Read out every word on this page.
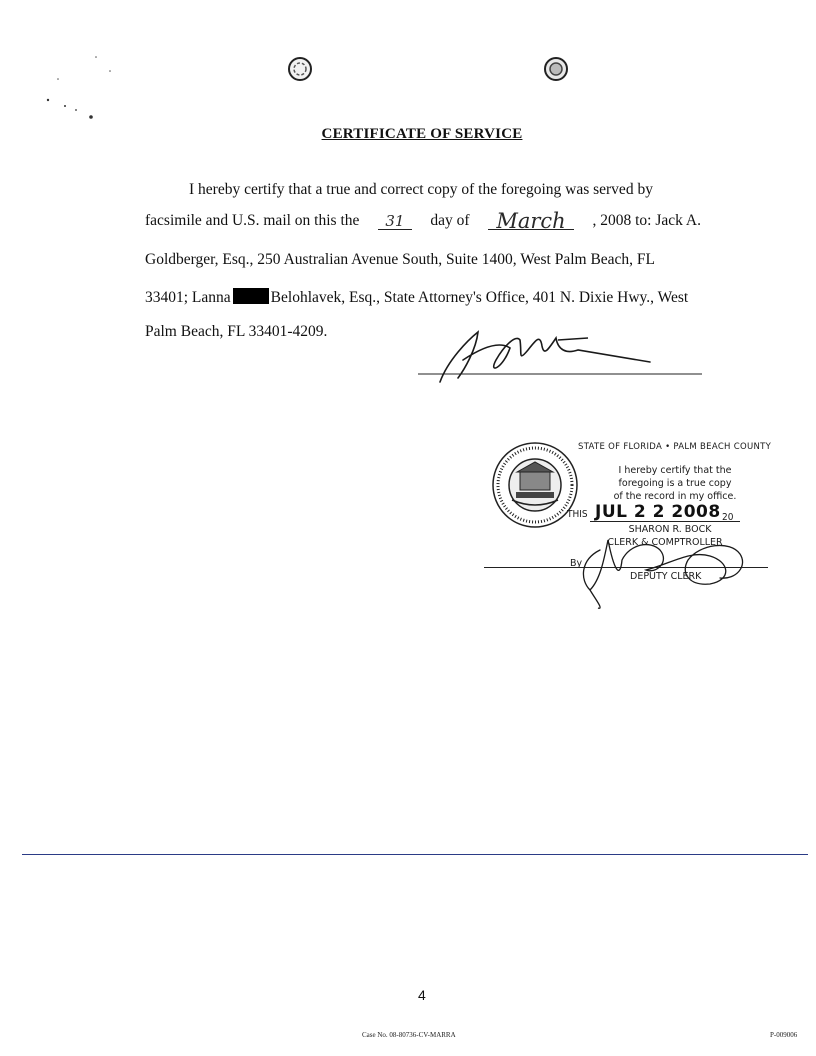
CERTIFICATE OF SERVICE
I hereby certify that a true and correct copy of the foregoing was served by
facsimile and U.S. mail on this the	31	day of	March	, 2008 to: Jack A.
Goldberger, Esq., 250 Australian Avenue South, Suite 1400, West Palm Beach, FL
33401; Lanna	Belohlavek, Esq., State Attorney's Office, 401 N. Dixie Hwy., West
Palm Beach, FL 33401-4209.
STATE OF FLORIDA • PALM BEACH COUNTY
I hereby certify that the
foregoing is a true copy
of the record in my office.
THIS JUL 2 2 2008 20
SHARON R. BOCK
CLERK & COMPTROLLER
By
DEPUTY CLERK
4
Case No. 08-80736-CV-MARRA	P-009006
